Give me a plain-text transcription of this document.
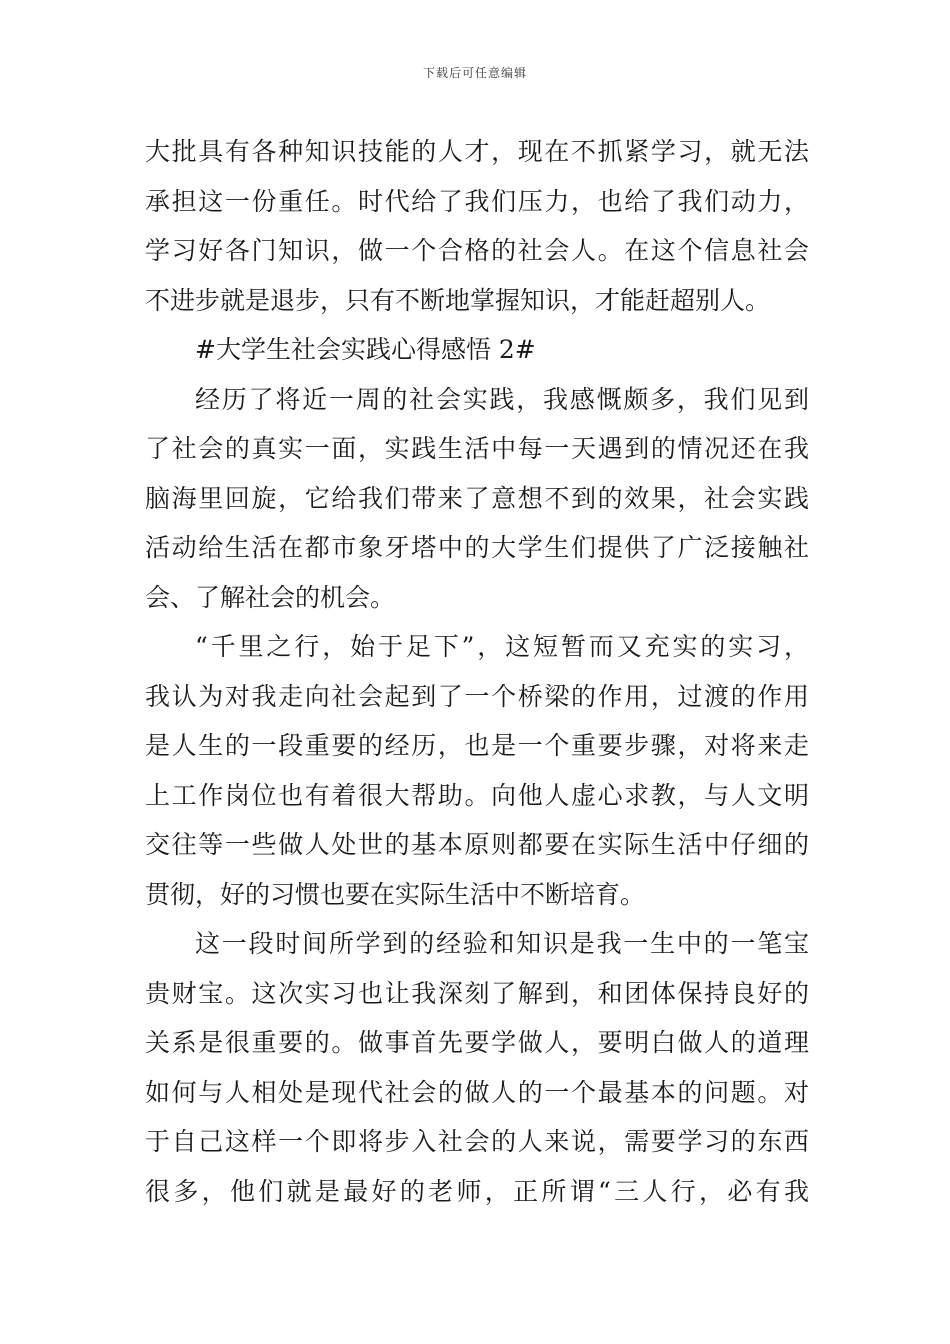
下载后可任意编辑
大批具有各种知识技能的人才，现在不抓紧学习，就无法
承担这一份重任。时代给了我们压力，也给了我们动力，
学习好各门知识，做一个合格的社会人。在这个信息社会
不进步就是退步，只有不断地掌握知识，才能赶超别人。
#大学生社会实践心得感悟 2#
经历了将近一周的社会实践，我感慨颇多，我们见到
了社会的真实一面，实践生活中每一天遇到的情况还在我
脑海里回旋，它给我们带来了意想不到的效果，社会实践
活动给生活在都市象牙塔中的大学生们提供了广泛接触社
会、了解社会的机会。
“千里之行，始于足下”，这短暂而又充实的实习，
我认为对我走向社会起到了一个桥梁的作用，过渡的作用
是人生的一段重要的经历，也是一个重要步骤，对将来走
上工作岗位也有着很大帮助。向他人虚心求教，与人文明
交往等一些做人处世的基本原则都要在实际生活中仔细的
贯彻，好的习惯也要在实际生活中不断培育。
这一段时间所学到的经验和知识是我一生中的一笔宝
贵财宝。这次实习也让我深刻了解到，和团体保持良好的
关系是很重要的。做事首先要学做人，要明白做人的道理
如何与人相处是现代社会的做人的一个最基本的问题。对
于自己这样一个即将步入社会的人来说，需要学习的东西
很多，他们就是最好的老师，正所谓“三人行，必有我
